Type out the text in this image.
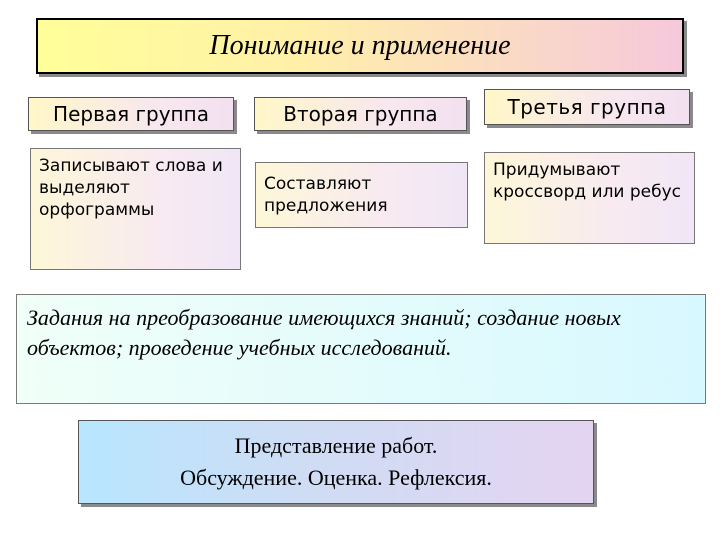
Понимание и применение
Первая группа	Вторая группа	Третья группа
Записывают слова и выделяют орфограммы
Составляют предложения
Придумывают кроссворд или ребус
Задания на преобразование имеющихся знаний; создание новых объектов; проведение учебных исследований.
Представление работ.
Обсуждение. Оценка. Рефлексия.
